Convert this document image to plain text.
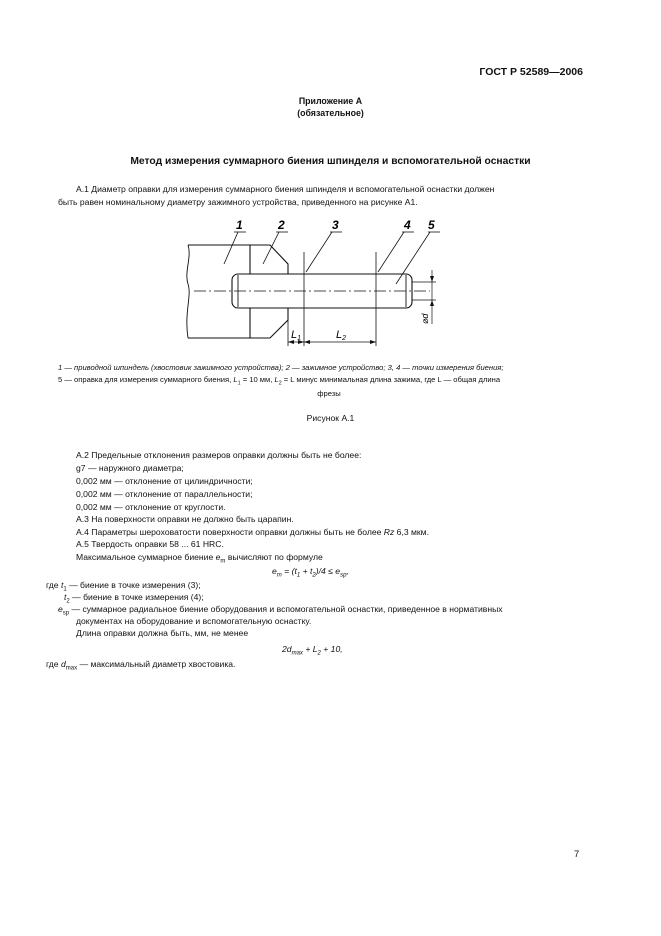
ГОСТ Р 52589—2006
Приложение А
(обязательное)
Метод измерения суммарного биения шпинделя и вспомогательной оснастки
А.1 Диаметр оправки для измерения суммарного биения шпинделя и вспомогательной оснастки должен
быть равен номинальному диаметру зажимного устройства, приведенного на рисунке А1.
L1	L2
⌀d
1	2	3	4 5
1 — приводной шпиндель (хвостовик зажимного устройства); 2 — зажимное устройство; 3, 4 — точки измерения биения;
5 — оправка для измерения суммарного биения, $L_1 = 10$ мм, $L_2 = L$ минус минимальная длина зажима, где L — общая длина
фрезы
Рисунок А.1
А.2 Предельные отклонения размеров оправки должны быть не более:
g7 — наружного диаметра;
0,002 мм — отклонение от цилиндричности;
0,002 мм — отклонение от параллельности;
0,002 мм — отклонение от круглости.
А.3 На поверхности оправки не должно быть царапин.
А.4 Параметры шероховатости поверхности оправки должны быть не более Rz 6,3 мкм.
А.5 Твердость оправки 58 ... 61 HRC.
Максимальное суммарное биение $e_m$ вычисляют по формуле
$e_m = (t_1 + t_2)/4 \le e_{sp}$,
где $t_1$ — биение в точке измерения (3);
$t_2$ — биение в точке измерения (4);
$e_{sp}$ — суммарное радиальное биение оборудования и вспомогательной оснастки, приведенное в нормативных
документах на оборудование и вспомогательную оснастку.
Длина оправки должна быть, мм, не менее
$2d_{max} + L_2 + 10$,
где $d_{max}$ — максимальный диаметр хвостовика.
7
